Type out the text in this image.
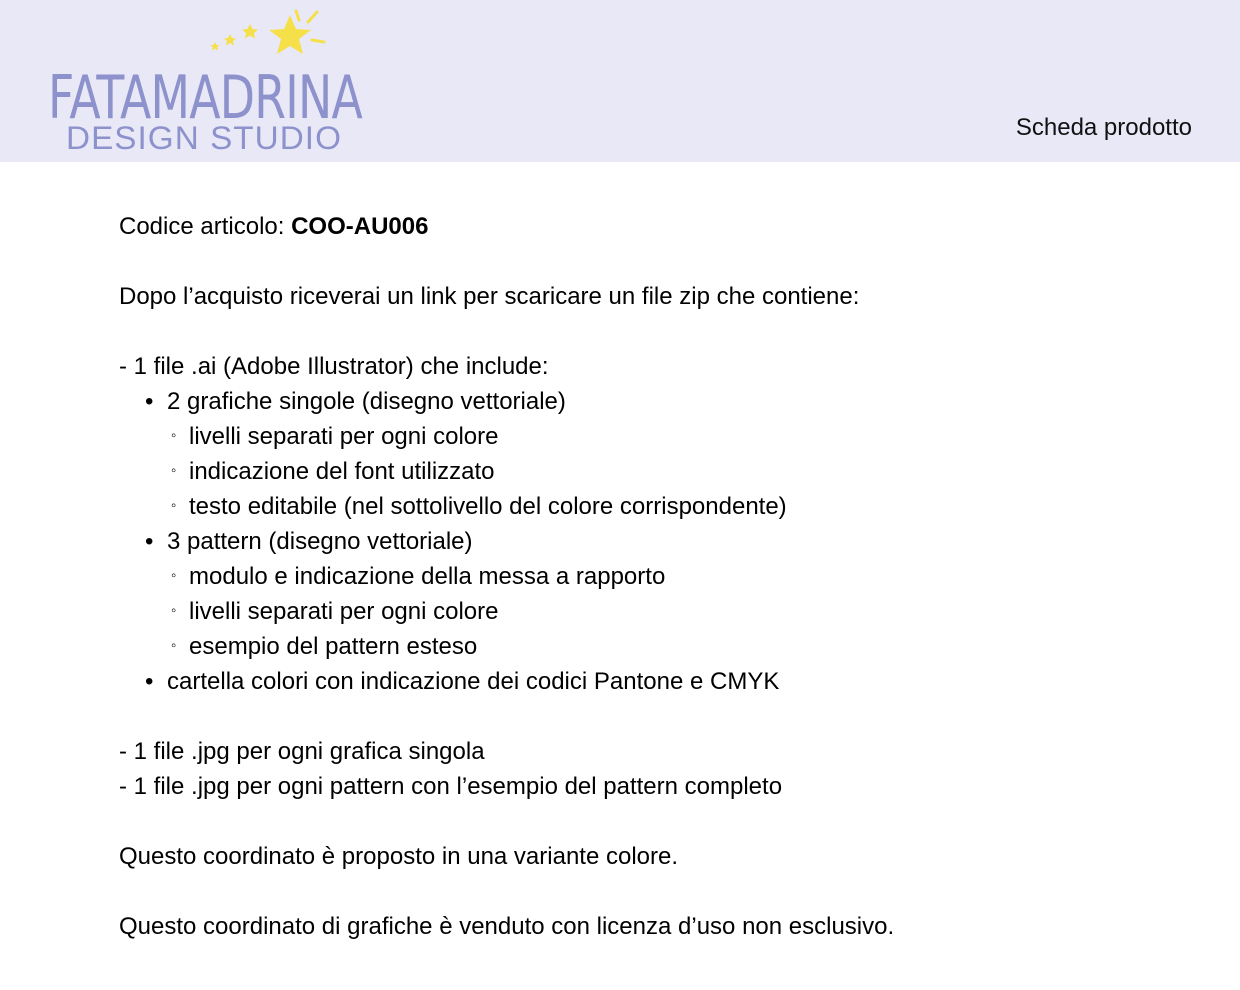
FATAMADRINA
DESIGN STUDIO	Scheda prodotto
Codice articolo: COO-AU006
Dopo l’acquisto riceverai un link per scaricare un file zip che contiene:
- 1 file .ai (Adobe Illustrator) che include:
• 2 grafiche singole (disegno vettoriale)
◦ livelli separati per ogni colore
◦ indicazione del font utilizzato
◦ testo editabile (nel sottolivello del colore corrispondente)
• 3 pattern (disegno vettoriale)
◦ modulo e indicazione della messa a rapporto
◦ livelli separati per ogni colore
◦ esempio del pattern esteso
• cartella colori con indicazione dei codici Pantone e CMYK
- 1 file .jpg per ogni grafica singola
- 1 file .jpg per ogni pattern con l’esempio del pattern completo
Questo coordinato è proposto in una variante colore.
Questo coordinato di grafiche è venduto con licenza d’uso non esclusivo.
